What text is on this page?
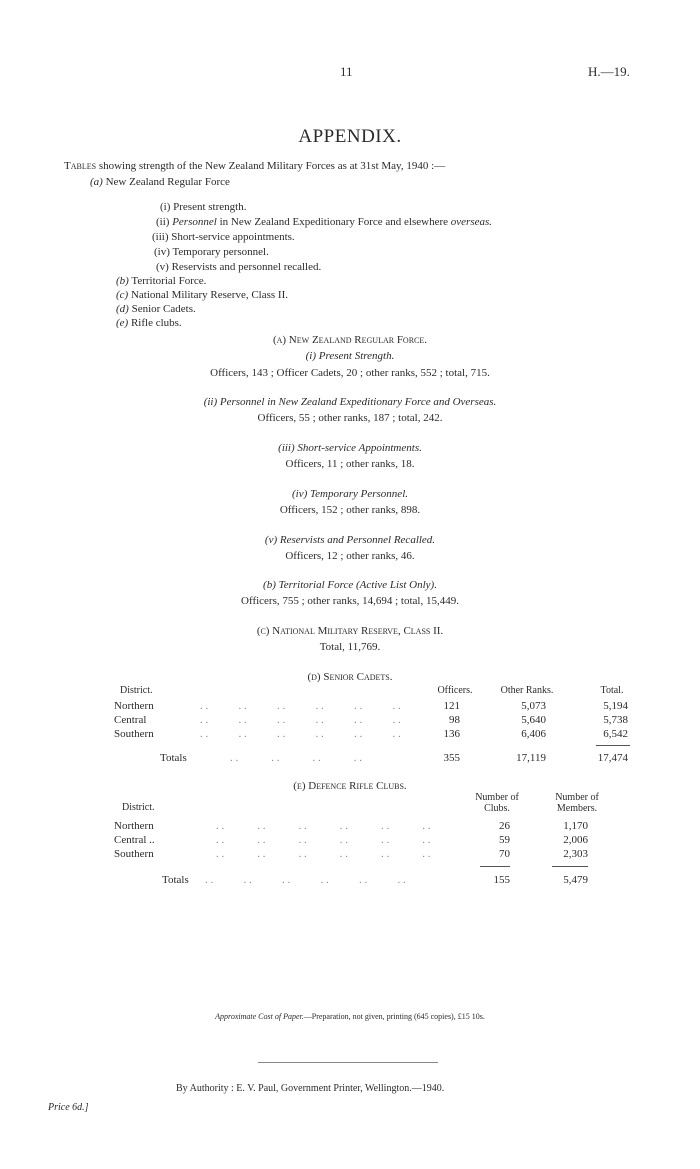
11	H.—19.
APPENDIX.
Tables showing strength of the New Zealand Military Forces as at 31st May, 1940 :—
(a) New Zealand Regular Force
(i) Present strength.
(ii) Personnel in New Zealand Expeditionary Force and elsewhere overseas.
(iii) Short-service appointments.
(iv) Temporary personnel.
(v) Reservists and personnel recalled.
(b) Territorial Force.
(c) National Military Reserve, Class II.
(d) Senior Cadets.
(e) Rifle clubs.
(a) New Zealand Regular Force.
(i) Present Strength.
Officers, 143 ; Officer Cadets, 20 ; other ranks, 552 ; total, 715.
(ii) Personnel in New Zealand Expeditionary Force and Overseas.
Officers, 55 ; other ranks, 187 ; total, 242.
(iii) Short-service Appointments.
Officers, 11 ; other ranks, 18.
(iv) Temporary Personnel.
Officers, 152 ; other ranks, 898.
(v) Reservists and Personnel Recalled.
Officers, 12 ; other ranks, 46.
(b) Territorial Force (Active List Only).
Officers, 755 ; other ranks, 14,694 ; total, 15,449.
(c) National Military Reserve, Class II.
Total, 11,769.
(d) Senior Cadets.
District.	Officers.	Other Ranks.	Total.
Northern	. .           . .           . .           . .           . .           . .	121	5,073	5,194
Central	. .           . .           . .           . .           . .           . .	98	5,640	5,738
Southern	. .           . .           . .           . .           . .           . .	136	6,406	6,542
Totals	. .            . .            . .            . .	355	17,119	17,474
(e) Defence Rifle Clubs.
District.
Number of Clubs.
Number of Members.
Northern	. .            . .            . .            . .            . .            . .	26	1,170
Central ..	. .            . .            . .            . .            . .            . .	59	2,006
Southern	. .            . .            . .            . .            . .            . .	70	2,303
Totals . .           . .           . .           . .           . .           . .	155	5,479
Approximate Cost of Paper.—Preparation, not given, printing (645 copies), £15 10s.
By Authority : E. V. Paul, Government Printer, Wellington.—1940.
Price 6d.]
